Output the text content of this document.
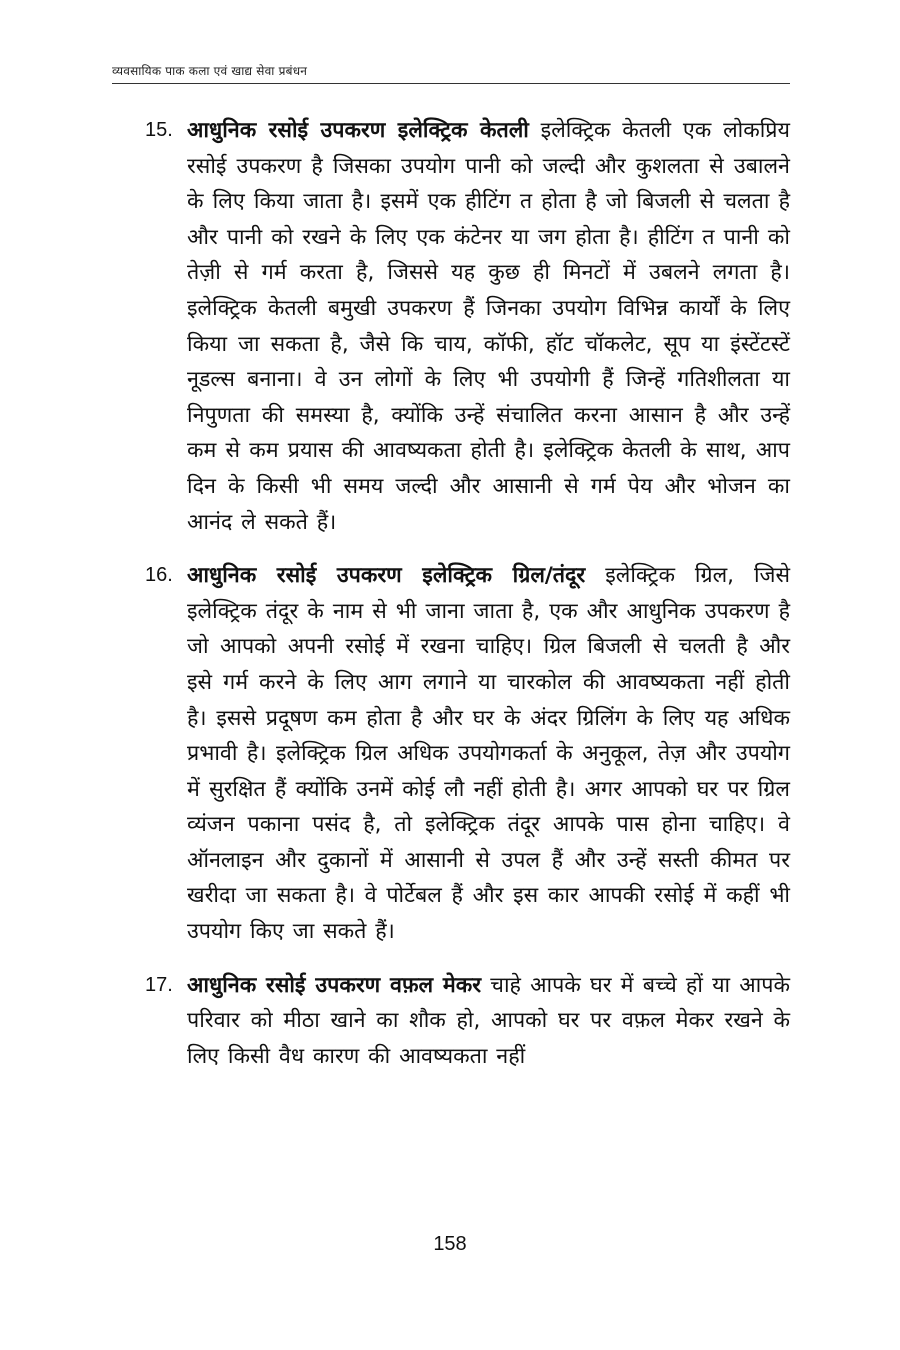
व्यवसायिक पाक कला एवं खाद्य सेवा प्रबंधन
15. आधुनिक रसोई उपकरण इलेक्ट्रिक केतली इलेक्ट्रिक केतली एक लोकप्रिय रसोई उपकरण है जिसका उपयोग पानी को जल्दी और कुशलता से उबालने के लिए किया जाता है। इसमें एक हीटिंग त होता है जो बिजली से चलता है और पानी को रखने के लिए एक कंटेनर या जग होता है। हीटिंग त पानी को तेज़ी से गर्म करता है, जिससे यह कुछ ही मिनटों में उबलने लगता है। इलेक्ट्रिक केतली बमुखी उपकरण हैं जिनका उपयोग विभिन्न कार्यों के लिए किया जा सकता है, जैसे कि चाय, कॉफी, हॉट चॉकलेट, सूप या इंस्टेंटस्टें नूडल्स बनाना। वे उन लोगों के लिए भी उपयोगी हैं जिन्हें गतिशीलता या निपुणता की समस्या है, क्योंकि उन्हें संचालित करना आसान है और उन्हें कम से कम प्रयास की आवष्यकता होती है। इलेक्ट्रिक केतली के साथ, आप दिन के किसी भी समय जल्दी और आसानी से गर्म पेय और भोजन का आनंद ले सकते हैं।
16. आधुनिक रसोई उपकरण इलेक्ट्रिक ग्रिल/तंदूर इलेक्ट्रिक ग्रिल, जिसे इलेक्ट्रिक तंदूर के नाम से भी जाना जाता है, एक और आधुनिक उपकरण है जो आपको अपनी रसोई में रखना चाहिए। ग्रिल बिजली से चलती है और इसे गर्म करने के लिए आग लगाने या चारकोल की आवष्यकता नहीं होती है। इससे प्रदूषण कम होता है और घर के अंदर ग्रिलिंग के लिए यह अधिक प्रभावी है। इलेक्ट्रिक ग्रिल अधिक उपयोगकर्ता के अनुकूल, तेज़ और उपयोग में सुरक्षित हैं क्योंकि उनमें कोई लौ नहीं होती है। अगर आपको घर पर ग्रिल व्यंजन पकाना पसंद है, तो इलेक्ट्रिक तंदूर आपके पास होना चाहिए। वे ऑनलाइन और दुकानों में आसानी से उपल हैं और उन्हें सस्ती कीमत पर खरीदा जा सकता है। वे पोर्टेबल हैं और इस कार आपकी रसोई में कहीं भी उपयोग किए जा सकते हैं।
17. आधुनिक रसोई उपकरण वफ़ल मेकर चाहे आपके घर में बच्चे हों या आपके परिवार को मीठा खाने का शौक हो, आपको घर पर वफ़ल मेकर रखने के लिए किसी वैध कारण की आवष्यकता नहीं
158
